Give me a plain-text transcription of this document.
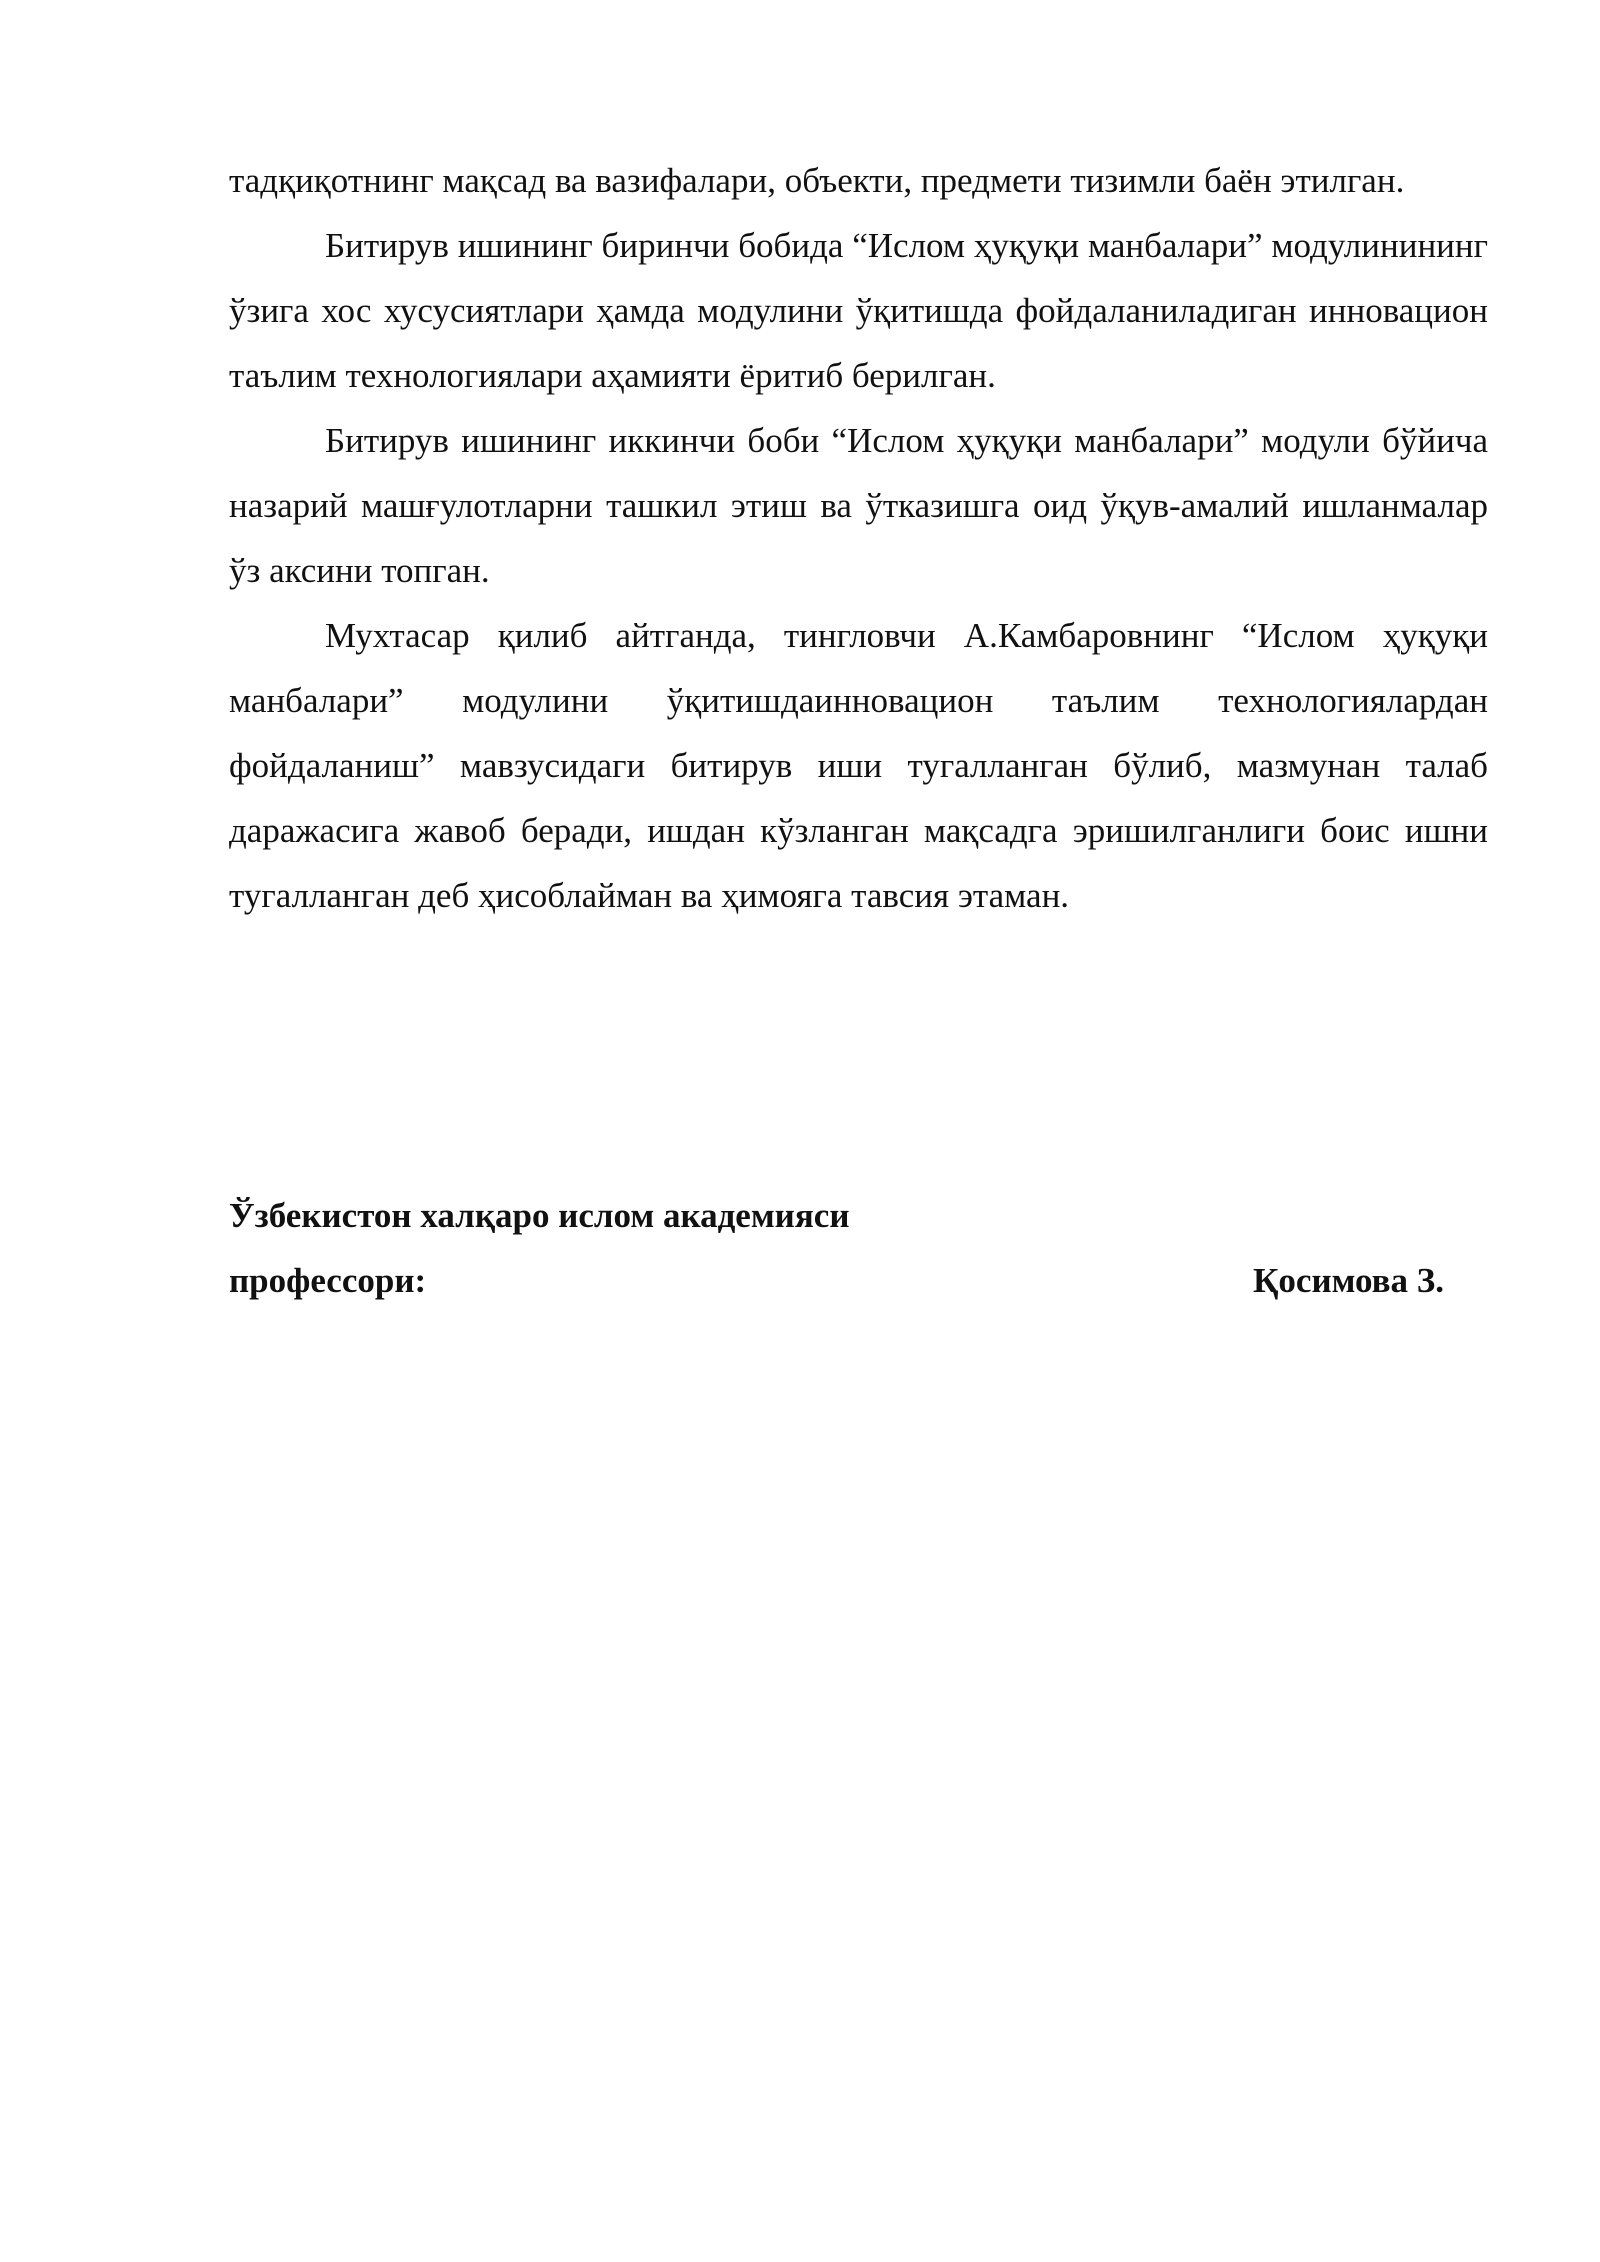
тадқиқотнинг мақсад ва вазифалари, объекти, предмети тизимли баён этилган.

Битирув ишининг биринчи бобида “Ислом ҳуқуқи манбалари” модулинининг ўзига хос хусусиятлари ҳамда модулини ўқитишда фойдаланиладиган инновацион таълим технологиялари аҳамияти ёритиб берилган.

Битирув ишининг иккинчи боби “Ислом ҳуқуқи манбалари” модули бўйича назарий машғулотларни ташкил этиш ва ўтказишга оид ўқув-амалий ишланмалар ўз аксини топган.

Мухтасар қилиб айтганда, тингловчи А.Камбаровнинг “Ислом ҳуқуқи манбалари” модулини ўқитишдаинновацион таълим технологиялардан фойдаланиш” мавзусидаги битирув иши тугалланган бўлиб, мазмунан талаб даражасига жавоб беради, ишдан кўзланган мақсадга эришилганлиги боис ишни тугалланган деб ҳисоблайман ва ҳимояга тавсия этаман.

Ўзбекистон халқаро ислом академияси
профессори:	Қосимова З.
